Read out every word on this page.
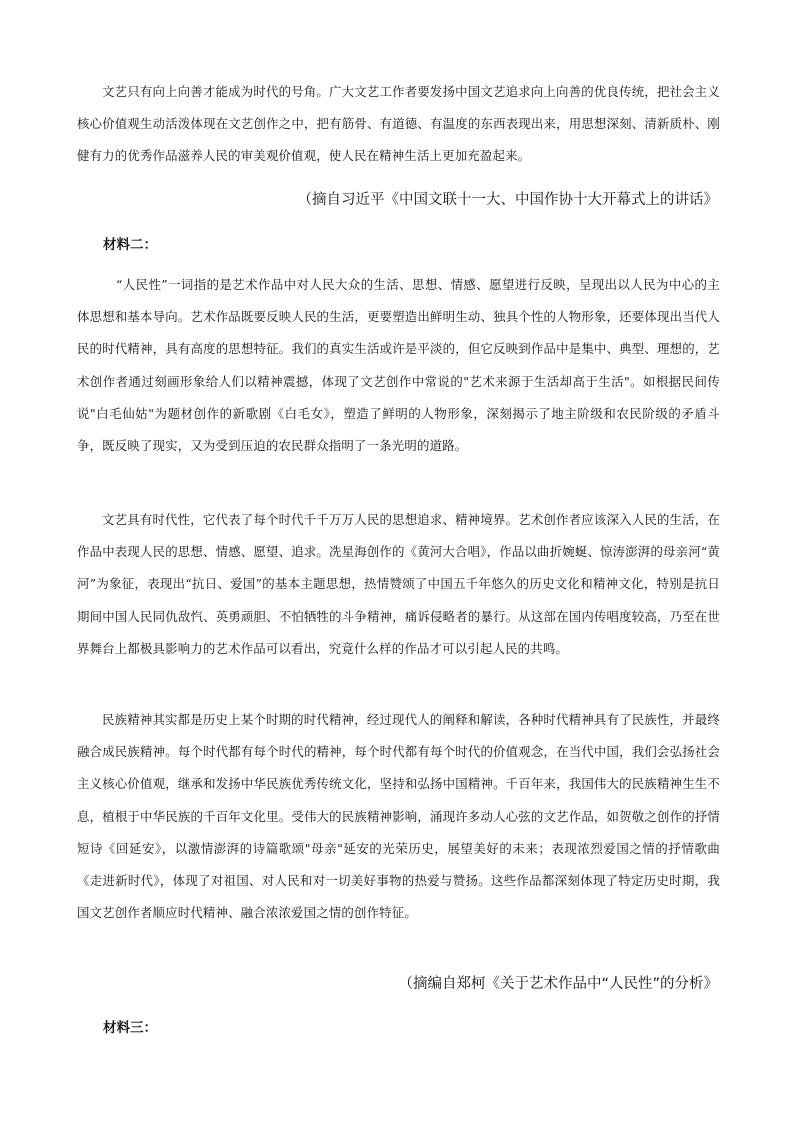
文艺只有向上向善才能成为时代的号角。广大文艺工作者要发扬中国文艺追求向上向善的优良传统，把社会主义核心价值观生动活泼体现在文艺创作之中，把有筋骨、有道德、有温度的东西表现出来，用思想深刻、清新质朴、刚健有力的优秀作品滋养人民的审美观价值观，使人民在精神生活上更加充盈起来。

（摘自习近平《中国文联十一大、中国作协十大开幕式上的讲话》

材料二：

“人民性”一词指的是艺术作品中对人民大众的生活、思想、情感、愿望进行反映，呈现出以人民为中心的主体思想和基本导向。艺术作品既要反映人民的生活，更要塑造出鲜明生动、独具个性的人物形象，还要体现出当代人民的时代精神，具有高度的思想特征。我们的真实生活或许是平淡的，但它反映到作品中是集中、典型、理想的，艺术创作者通过刻画形象给人们以精神震撼，体现了文艺创作中常说的"艺术来源于生活却高于生活"。如根据民间传说"白毛仙姑"为题材创作的新歌剧《白毛女》，塑造了鲜明的人物形象，深刻揭示了地主阶级和农民阶级的矛盾斗争，既反映了现实，又为受到压迫的农民群众指明了一条光明的道路。

文艺具有时代性，它代表了每个时代千千万万人民的思想追求、精神境界。艺术创作者应该深入人民的生活，在作品中表现人民的思想、情感、愿望、追求。冼星海创作的《黄河大合唱》，作品以曲折婉蜒、惊涛澎湃的母亲河“黄河”为象征，表现出“抗日、爱国”的基本主题思想，热情赞颂了中国五千年悠久的历史文化和精神文化，特别是抗日期间中国人民同仇敌忾、英勇顽胆、不怕牺牲的斗争精神，痛诉侵略者的暴行。从这部在国内传唱度较高，乃至在世界舞台上都极具影响力的艺术作品可以看出，究竟什么样的作品才可以引起人民的共鸣。

民族精神其实都是历史上某个时期的时代精神，经过现代人的阐释和解读，各种时代精神具有了民族性，并最终融合成民族精神。每个时代都有每个时代的精神，每个时代都有每个时代的价值观念，在当代中国，我们会弘扬社会主义核心价值观，继承和发扬中华民族优秀传统文化，坚持和弘扬中国精神。千百年来，我国伟大的民族精神生生不息，植根于中华民族的千百年文化里。受伟大的民族精神影响，涌现许多动人心弦的文艺作品，如贺敬之创作的抒情短诗《回延安》，以激情澎湃的诗篇歌颂"母亲"延安的光荣历史，展望美好的未来；表现浓烈爱国之情的抒情歌曲《走进新时代》，体现了对祖国、对人民和对一切美好事物的热爱与赞扬。这些作品都深刻体现了特定历史时期，我国文艺创作者顺应时代精神、融合浓浓爱国之情的创作特征。

（摘编自郑柯《关于艺术作品中“人民性”的分析》

材料三：
